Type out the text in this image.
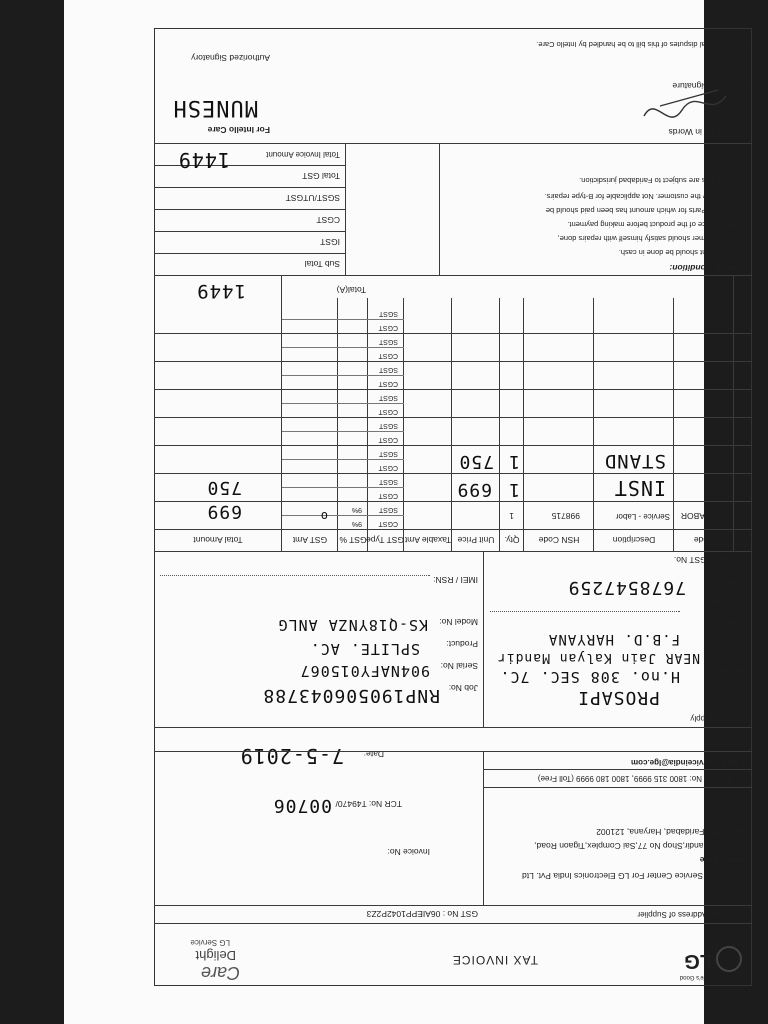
LG
Life's Good
TAX INVOICE
Care
Delight
LG Service
Name and Address of Supplier
GST No : 06AIEPP1042P2Z3
Authorized Service Center For LG Electronics India Pvt. Ltd
Intello Care
Near Sai Mandir,Shop No 77,Sai Complex,Tigaon Road,
Sector-86, Faridabad, Haryana, 121002
Invoice No:
TCR No: T49470/
00706
LG Helpline No: 1800 315 9999, 1800 180 9999 (Toll Free)
E-Mail : serviceindia@lge.com
Date:
7-5-2019
Place of Supply
Name :
Address :
City :
State :
Pin Code :
Mobile No:
Customer GST No.
PROSAPI
H.no. 308 SEC. 7C.
NEAR Jain Kalyan Mandir
F.B.D. HARYANA
7678547259
Job No:
RNP190506043788
Serial No:
904NAFY015067
Product:
SPLITE. AC.
Model No:
KS-Q18YNZA ANLG
IMEI / RSN:
S. No.
Code
Description
HSN Code
Qty.
Unit Price
Taxable Amt
GST Type
GST %
GST Amt
Total Amount
1
CGST
SGST
2
CGST
SGST
3
CGST
SGST
4
CGST
SGST
5
CGST
SGST
6
CGST
SGST
7
CGST
SGST
8
CGST
SGST
SVC-LABOR
Service - Labor
998715
1
9%
9%
o
699
INST
1
699
750
STAND
1
750
Total(A)
1449
Sub Total
IGST
CGST
SGST/UTGST
Total GST
Total Invoice Amount
1449
Terms & Condition:
1. All Payment should be done in cash.
2. The Customer should satisfy himself with repairs done,
performance of the product before making payment.
3. Defective Parts for which amount has been paid should be
retained by the customer. Not applicable for B-type repairs.
4. All disputes are subject to Faridabad jurisdiction.
Grand Total in Words
For Intello Care
MUNESH
Customer Signature
Authorized Signatory
E & O.E
Note: All Legal disputes of this bill to be handled by Intello Care.
